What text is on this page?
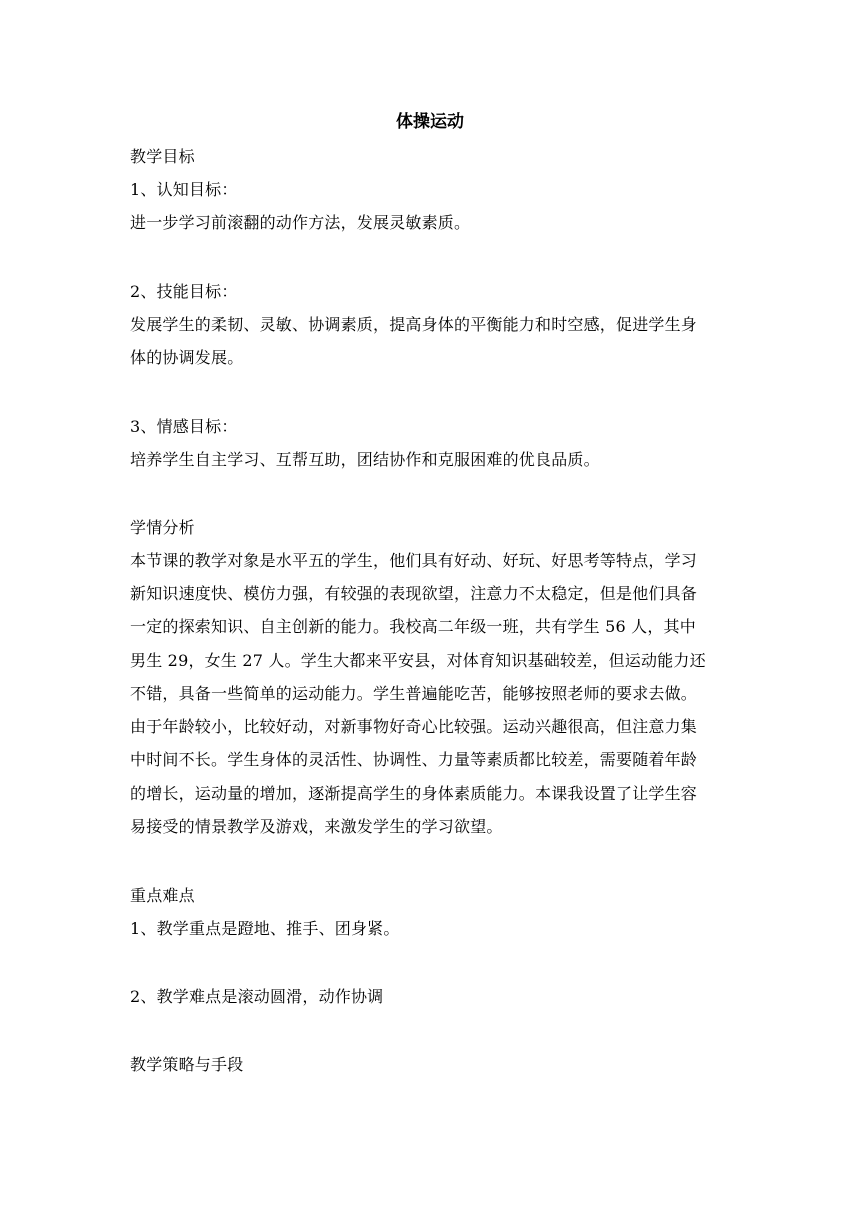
体操运动
教学目标
1、认知目标：
进一步学习前滚翻的动作方法，发展灵敏素质。
2、技能目标：
发展学生的柔韧、灵敏、协调素质，提高身体的平衡能力和时空感，促进学生身
体的协调发展。
3、情感目标：
培养学生自主学习、互帮互助，团结协作和克服困难的优良品质。
学情分析
本节课的教学对象是水平五的学生，他们具有好动、好玩、好思考等特点，学习
新知识速度快、模仿力强，有较强的表现欲望，注意力不太稳定，但是他们具备
一定的探索知识、自主创新的能力。我校高二年级一班，共有学生 56 人，其中
男生 29，女生 27 人。学生大都来平安县，对体育知识基础较差，但运动能力还
不错，具备一些简单的运动能力。学生普遍能吃苦，能够按照老师的要求去做。
由于年龄较小，比较好动，对新事物好奇心比较强。运动兴趣很高，但注意力集
中时间不长。学生身体的灵活性、协调性、力量等素质都比较差，需要随着年龄
的增长，运动量的增加，逐渐提高学生的身体素质能力。本课我设置了让学生容
易接受的情景教学及游戏，来激发学生的学习欲望。
重点难点
1、教学重点是蹬地、推手、团身紧。
2、教学难点是滚动圆滑，动作协调
教学策略与手段
